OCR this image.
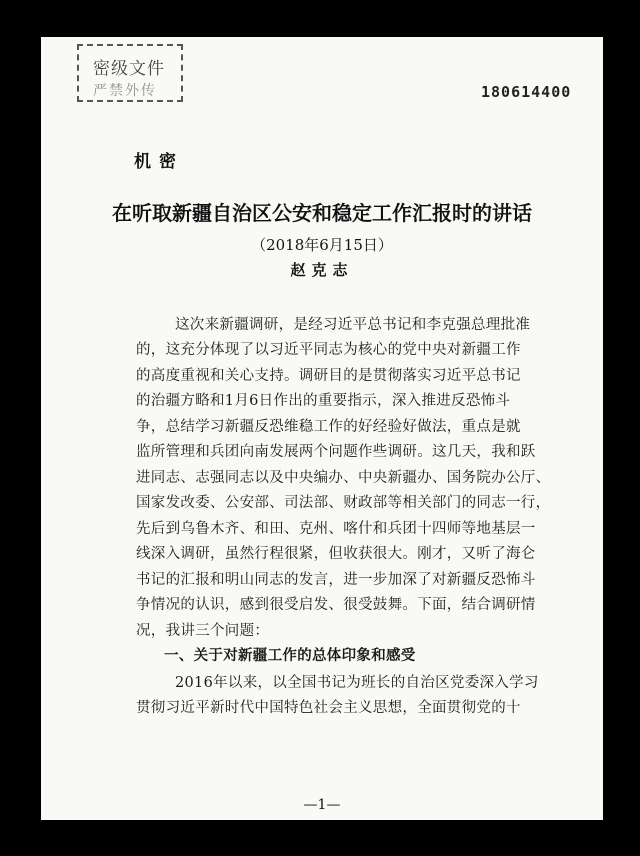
密级文件
严禁外传	180614400
机密
在听取新疆自治区公安和稳定工作汇报时的讲话
（2018年6月15日）
赵克志
这次来新疆调研，是经习近平总书记和李克强总理批准
的，这充分体现了以习近平同志为核心的党中央对新疆工作
的高度重视和关心支持。调研目的是贯彻落实习近平总书记
的治疆方略和1月6日作出的重要指示，深入推进反恐怖斗
争，总结学习新疆反恐维稳工作的好经验好做法，重点是就
监所管理和兵团向南发展两个问题作些调研。这几天，我和跃
进同志、志强同志以及中央编办、中央新疆办、国务院办公厅、
国家发改委、公安部、司法部、财政部等相关部门的同志一行，
先后到乌鲁木齐、和田、克州、喀什和兵团十四师等地基层一
线深入调研，虽然行程很紧，但收获很大。刚才，又听了海仑
书记的汇报和明山同志的发言，进一步加深了对新疆反恐怖斗
争情况的认识，感到很受启发、很受鼓舞。下面，结合调研情
况，我讲三个问题：
一、关于对新疆工作的总体印象和感受
2016年以来，以全国书记为班长的自治区党委深入学习
贯彻习近平新时代中国特色社会主义思想，全面贯彻党的十
—1—
